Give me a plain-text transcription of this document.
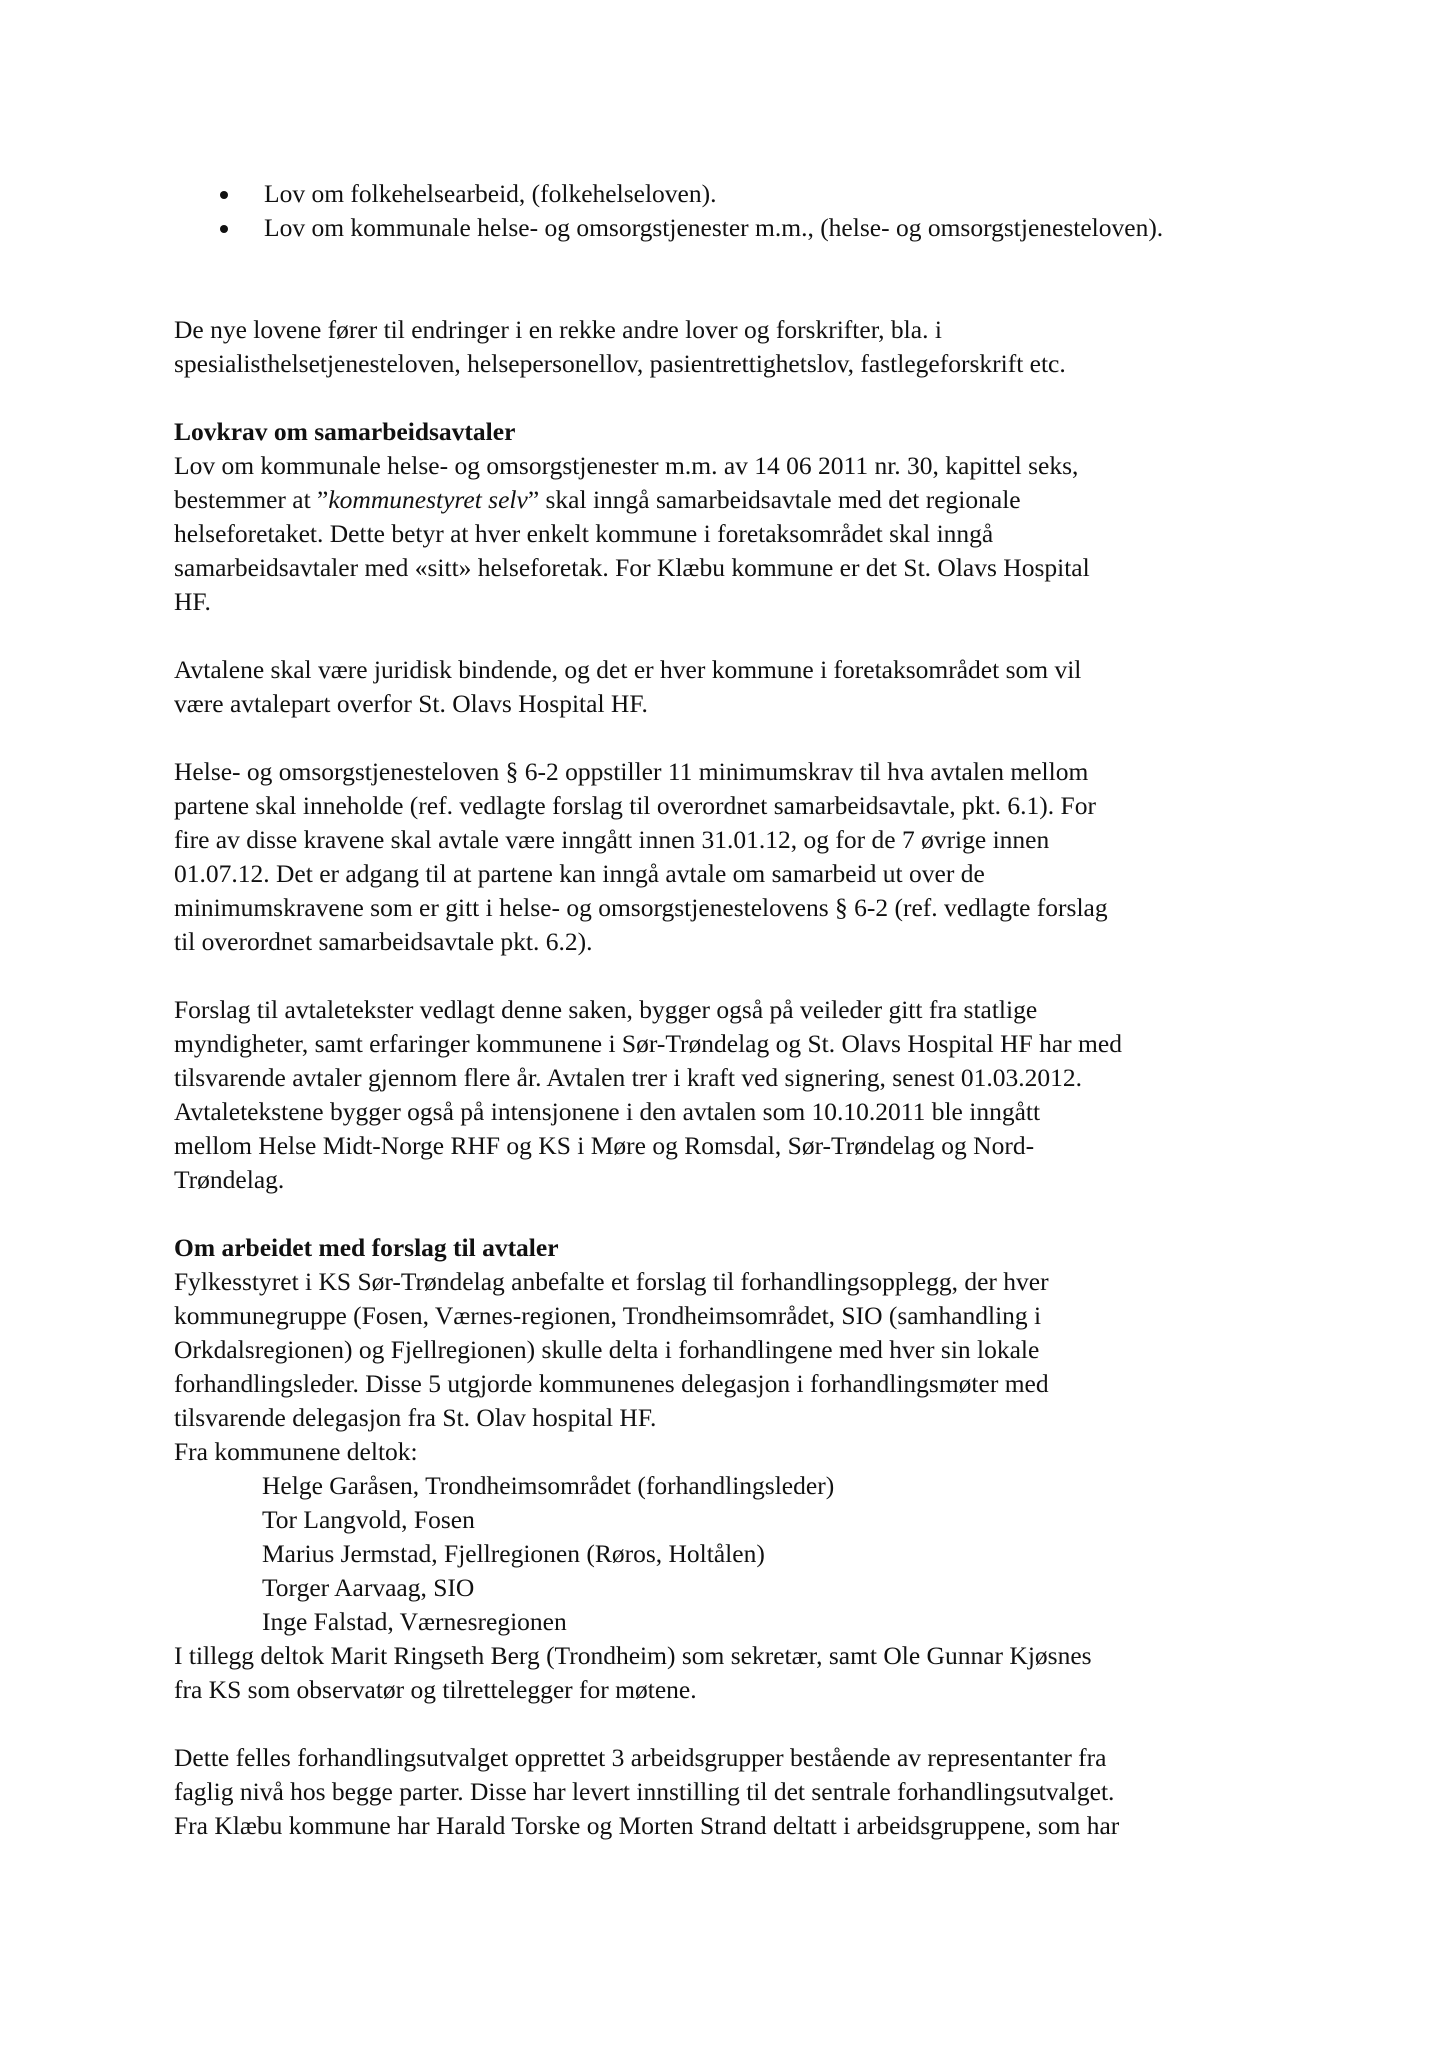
Lov om folkehelsearbeid, (folkehelseloven).
Lov om kommunale helse- og omsorgstjenester m.m., (helse- og omsorgstjenesteloven).

De nye lovene fører til endringer i en rekke andre lover og forskrifter, bla. i

spesialisthelsetjenesteloven, helsepersonellov, pasientrettighetslov, fastlegeforskrift etc.

Lovkrav om samarbeidsavtaler

Lov om kommunale helse- og omsorgstjenester m.m. av 14 06 2011 nr. 30, kapittel seks,

bestemmer at ”kommunestyret selv” skal inngå samarbeidsavtale med det regionale

helseforetaket. Dette betyr at hver enkelt kommune i foretaksområdet skal inngå

samarbeidsavtaler med «sitt» helseforetak. For Klæbu kommune er det St. Olavs Hospital

HF.

Avtalene skal være juridisk bindende, og det er hver kommune i foretaksområdet som vil

være avtalepart overfor St. Olavs Hospital HF.

Helse- og omsorgstjenesteloven § 6-2 oppstiller 11 minimumskrav til hva avtalen mellom

partene skal inneholde (ref. vedlagte forslag til overordnet samarbeidsavtale, pkt. 6.1). For

fire av disse kravene skal avtale være inngått innen 31.01.12, og for de 7 øvrige innen

01.07.12. Det er adgang til at partene kan inngå avtale om samarbeid ut over de

minimumskravene som er gitt i helse- og omsorgstjenestelovens § 6-2 (ref. vedlagte forslag

til overordnet samarbeidsavtale pkt. 6.2).

Forslag til avtaletekster vedlagt denne saken, bygger også på veileder gitt fra statlige

myndigheter, samt erfaringer kommunene i Sør-Trøndelag og St. Olavs Hospital HF har med

tilsvarende avtaler gjennom flere år. Avtalen trer i kraft ved signering, senest 01.03.2012.

Avtaletekstene bygger også på intensjonene i den avtalen som 10.10.2011 ble inngått

mellom Helse Midt-Norge RHF og KS i Møre og Romsdal, Sør-Trøndelag og Nord-

Trøndelag.

Om arbeidet med forslag til avtaler

Fylkesstyret i KS Sør-Trøndelag anbefalte et forslag til forhandlingsopplegg, der hver

kommunegruppe (Fosen, Værnes-regionen, Trondheimsområdet, SIO (samhandling i

Orkdalsregionen) og Fjellregionen) skulle delta i forhandlingene med hver sin lokale

forhandlingsleder. Disse 5 utgjorde kommunenes delegasjon i forhandlingsmøter med

tilsvarende delegasjon fra St. Olav hospital HF.

Fra kommunene deltok:

Helge Garåsen, Trondheimsområdet (forhandlingsleder)

Tor Langvold, Fosen

Marius Jermstad, Fjellregionen (Røros, Holtålen)

Torger Aarvaag, SIO

Inge Falstad, Værnesregionen

I tillegg deltok Marit Ringseth Berg (Trondheim) som sekretær, samt Ole Gunnar Kjøsnes

fra KS som observatør og tilrettelegger for møtene.

Dette felles forhandlingsutvalget opprettet 3 arbeidsgrupper bestående av representanter fra

faglig nivå hos begge parter. Disse har levert innstilling til det sentrale forhandlingsutvalget.

Fra Klæbu kommune har Harald Torske og Morten Strand deltatt i arbeidsgruppene, som har
